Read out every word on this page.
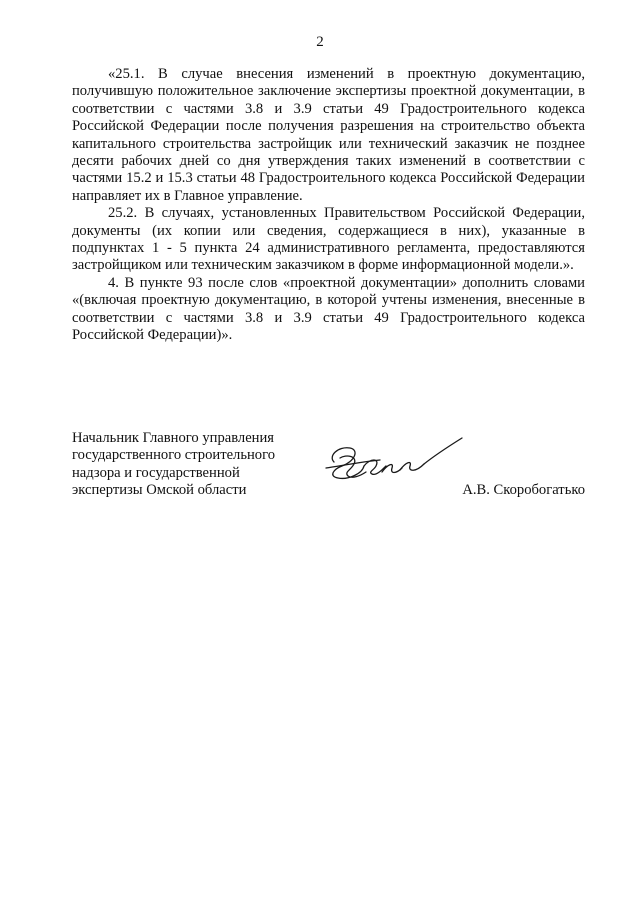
2

«25.1. В случае внесения изменений в проектную документацию, получившую положительное заключение экспертизы проектной документации, в соответствии с частями 3.8 и 3.9 статьи 49 Градостроительного кодекса Российской Федерации после получения разрешения на строительство объекта капитального строительства застройщик или технический заказчик не позднее десяти рабочих дней со дня утверждения таких изменений в соответствии с частями 15.2 и 15.3 статьи 48 Градостроительного кодекса Российской Федерации направляет их в Главное управление.

25.2. В случаях, установленных Правительством Российской Федерации, документы (их копии или сведения, содержащиеся в них), указанные в подпунктах 1 - 5 пункта 24 административного регламента, предоставляются застройщиком или техническим заказчиком в форме информационной модели.».

4. В пункте 93 после слов «проектной документации» дополнить словами «(включая проектную документацию, в которой учтены изменения, внесенные в соответствии с частями 3.8 и 3.9 статьи 49 Градостроительного кодекса Российской Федерации)».

Начальник Главного управления
государственного строительного
надзора и государственной
экспертизы Омской области	А.В. Скоробогатько
